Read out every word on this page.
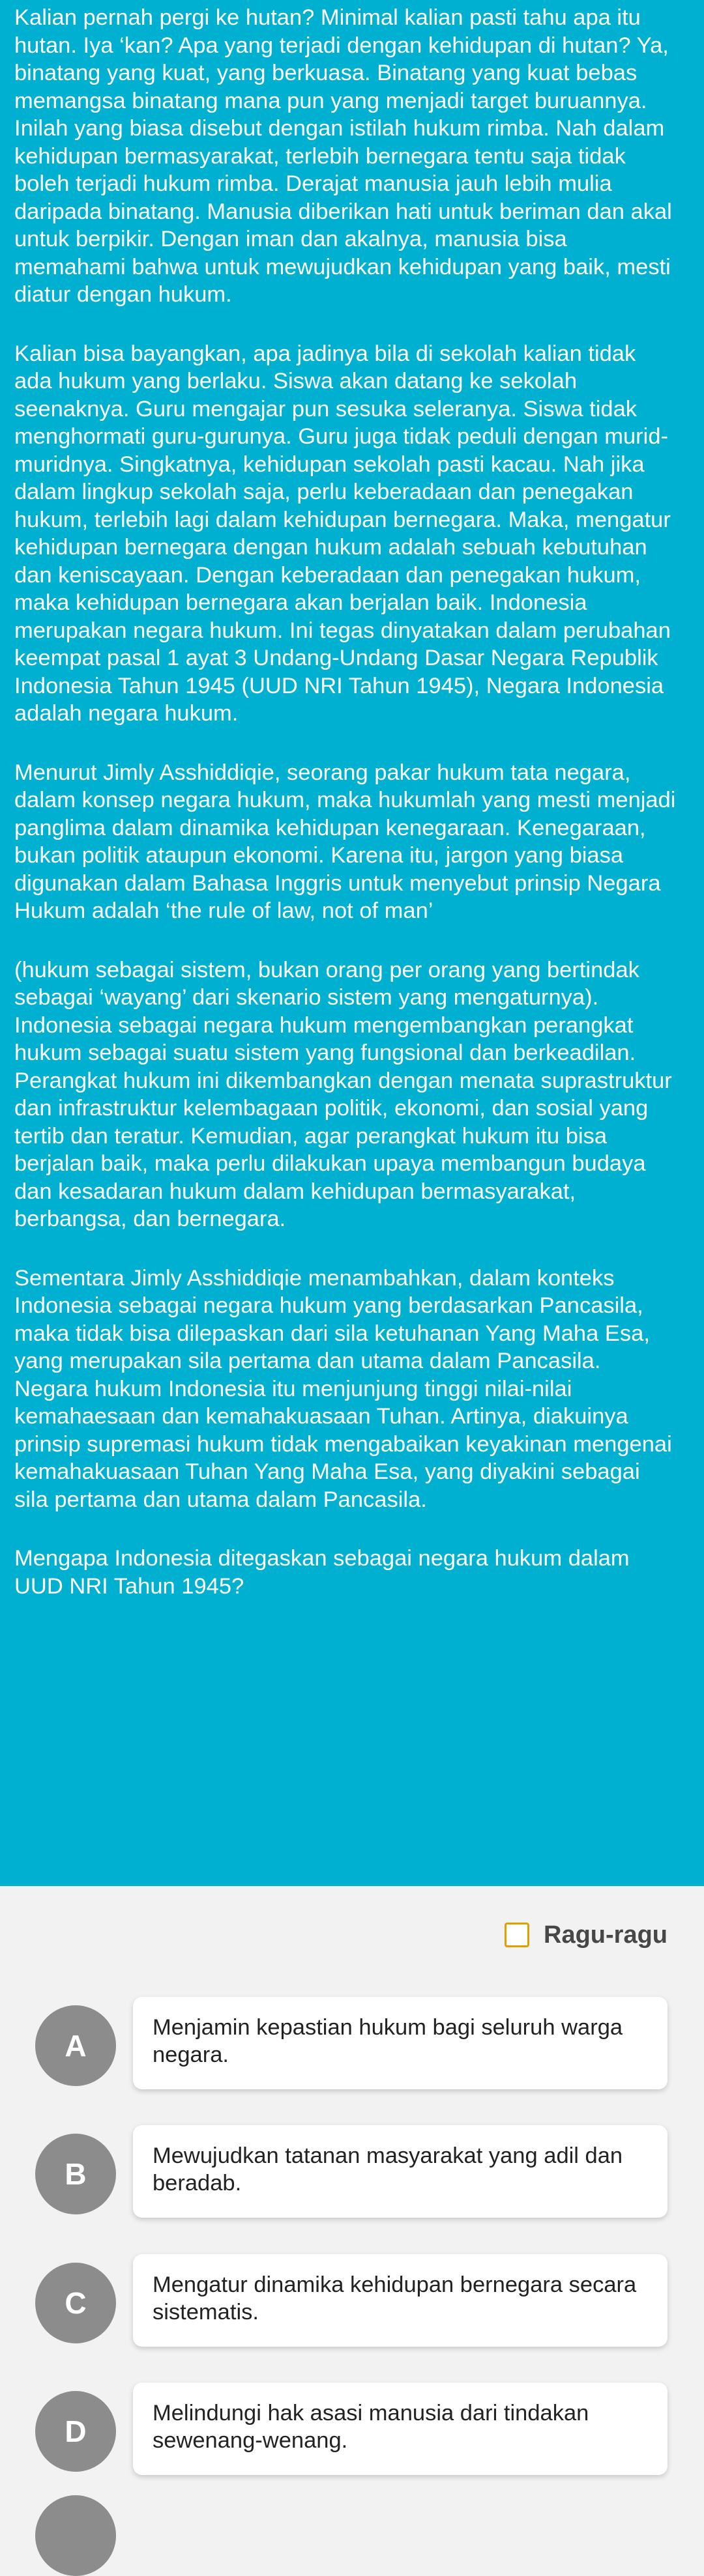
Kalian pernah pergi ke hutan? Minimal kalian pasti tahu apa itu hutan. Iya ‘kan? Apa yang terjadi dengan kehidupan di hutan? Ya, binatang yang kuat, yang berkuasa. Binatang yang kuat bebas memangsa binatang mana pun yang menjadi target buruannya. Inilah yang biasa disebut dengan istilah hukum rimba. Nah dalam kehidupan bermasyarakat, terlebih bernegara tentu saja tidak boleh terjadi hukum rimba. Derajat manusia jauh lebih mulia daripada binatang. Manusia diberikan hati untuk beriman dan akal untuk berpikir. Dengan iman dan akalnya, manusia bisa memahami bahwa untuk mewujudkan kehidupan yang baik, mesti diatur dengan hukum.

Kalian bisa bayangkan, apa jadinya bila di sekolah kalian tidak ada hukum yang berlaku. Siswa akan datang ke sekolah seenaknya. Guru mengajar pun sesuka seleranya. Siswa tidak menghormati guru-gurunya. Guru juga tidak peduli dengan murid-muridnya. Singkatnya, kehidupan sekolah pasti kacau. Nah jika dalam lingkup sekolah saja, perlu keberadaan dan penegakan hukum, terlebih lagi dalam kehidupan bernegara. Maka, mengatur kehidupan bernegara dengan hukum adalah sebuah kebutuhan dan keniscayaan. Dengan keberadaan dan penegakan hukum, maka kehidupan bernegara akan berjalan baik. Indonesia merupakan negara hukum. Ini tegas dinyatakan dalam perubahan keempat pasal 1 ayat 3 Undang-Undang Dasar Negara Republik Indonesia Tahun 1945 (UUD NRI Tahun 1945), Negara Indonesia adalah negara hukum.

Menurut Jimly Asshiddiqie, seorang pakar hukum tata negara, dalam konsep negara hukum, maka hukumlah yang mesti menjadi panglima dalam dinamika kehidupan kenegaraan. Kenegaraan, bukan politik ataupun ekonomi. Karena itu, jargon yang biasa digunakan dalam Bahasa Inggris untuk menyebut prinsip Negara Hukum adalah ‘the rule of law, not of man’

(hukum sebagai sistem, bukan orang per orang yang bertindak sebagai ‘wayang’ dari skenario sistem yang mengaturnya). Indonesia sebagai negara hukum mengembangkan perangkat hukum sebagai suatu sistem yang fungsional dan berkeadilan. Perangkat hukum ini dikembangkan dengan menata suprastruktur dan infrastruktur kelembagaan politik, ekonomi, dan sosial yang tertib dan teratur. Kemudian, agar perangkat hukum itu bisa berjalan baik, maka perlu dilakukan upaya membangun budaya dan kesadaran hukum dalam kehidupan bermasyarakat, berbangsa, dan bernegara.

Sementara Jimly Asshiddiqie menambahkan, dalam konteks Indonesia sebagai negara hukum yang berdasarkan Pancasila, maka tidak bisa dilepaskan dari sila ketuhanan Yang Maha Esa, yang merupakan sila pertama dan utama dalam Pancasila. Negara hukum Indonesia itu menjunjung tinggi nilai-nilai kemahaesaan dan kemahakuasaan Tuhan. Artinya, diakuinya prinsip supremasi hukum tidak mengabaikan keyakinan mengenai kemahakuasaan Tuhan Yang Maha Esa, yang diyakini sebagai sila pertama dan utama dalam Pancasila.

Mengapa Indonesia ditegaskan sebagai negara hukum dalam UUD NRI Tahun 1945?

Ragu-ragu
A
Menjamin kepastian hukum bagi seluruh warga negara.
B
Mewujudkan tatanan masyarakat yang adil dan beradab.
C
Mengatur dinamika kehidupan bernegara secara sistematis.
D
Melindungi hak asasi manusia dari tindakan sewenang-wenang.
